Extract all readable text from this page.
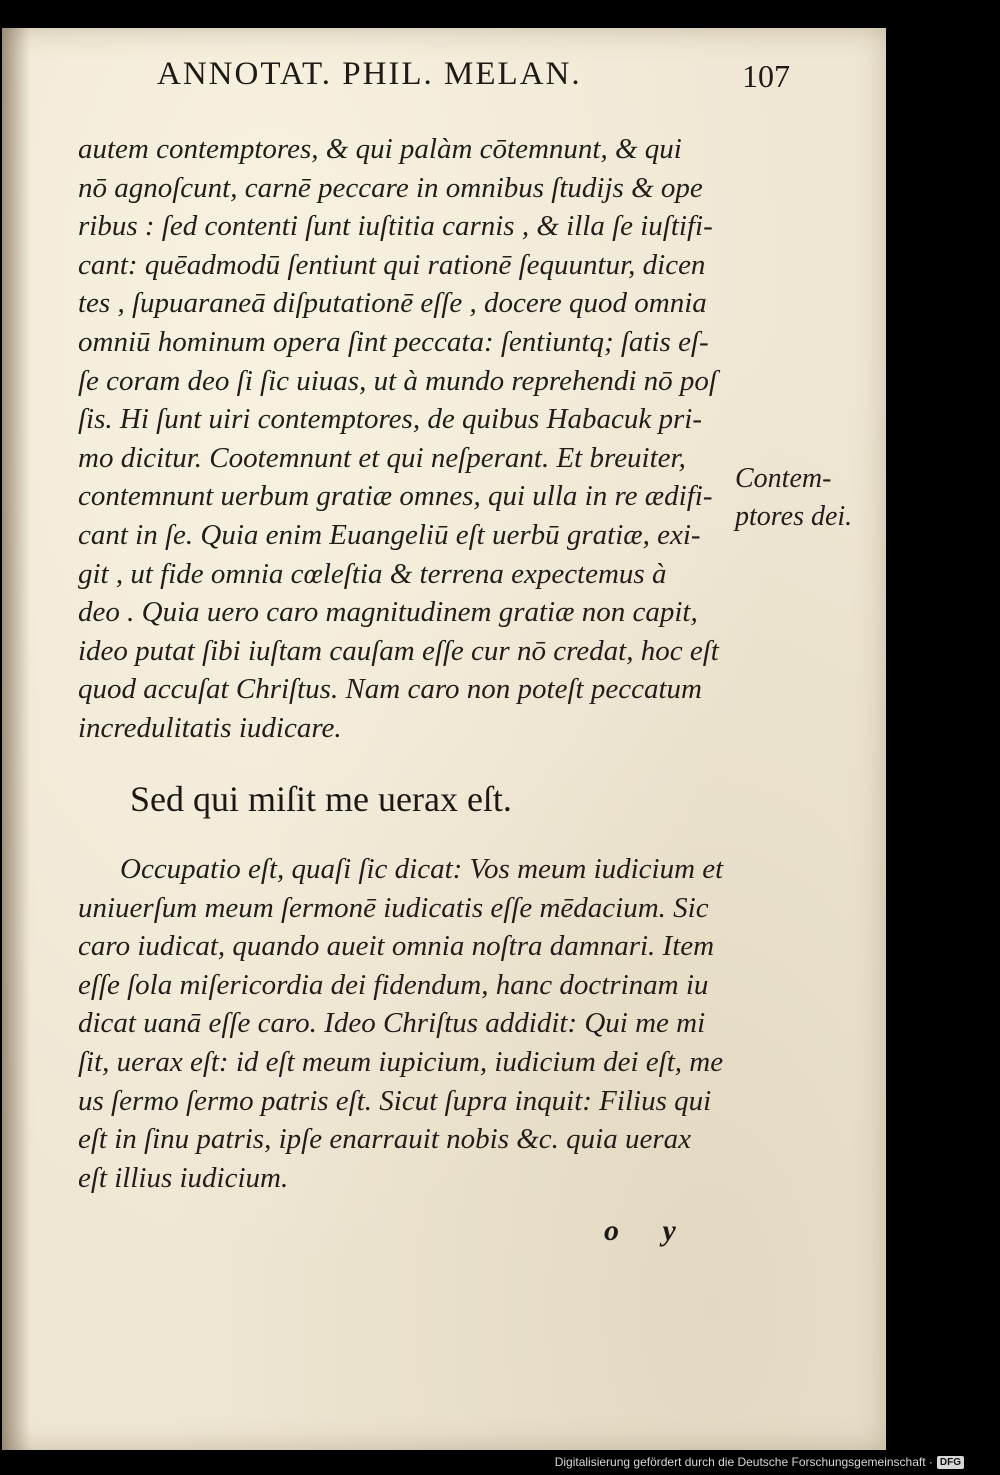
ANNOTAT. PHIL. MELAN.	107
autem contemptores, & qui palàm cōtemnunt, & qui
nō agnoſcunt, carnē peccare in omnibus ſtudijs & ope
ribus : ſed contenti ſunt iuſtitia carnis , & illa ſe iuſtifi-
cant: quēadmodū ſentiunt qui rationē ſequuntur, dicen
tes , ſupuaraneā diſputationē eſſe , docere quod omnia
omniū hominum opera ſint peccata: ſentiuntq; ſatis eſ-
ſe coram deo ſi ſic uiuas, ut à mundo reprehendi nō poſ
ſis. Hi ſunt uiri contemptores, de quibus Habacuk pri-
mo dicitur. Cootemnunt et qui neſperant. Et breuiter,
contemnunt uerbum gratiæ omnes, qui ulla in re ædifi-
cant in ſe. Quia enim Euangeliū eſt uerbū gratiæ, exi-
git , ut fide omnia cœleſtia & terrena expectemus à
deo . Quia uero caro magnitudinem gratiæ non capit,
ideo putat ſibi iuſtam cauſam eſſe cur nō credat, hoc eſt
quod accuſat Chriſtus. Nam caro non poteſt peccatum
incredulitatis iudicare.
Contem-
ptores dei.
Sed qui miſit me uerax eſt.
Occupatio eſt, quaſi ſic dicat: Vos meum iudicium et
uniuerſum meum ſermonē iudicatis eſſe mēdacium. Sic
caro iudicat, quando aueit omnia noſtra damnari. Item
eſſe ſola miſericordia dei fidendum, hanc doctrinam iu
dicat uanā eſſe caro. Ideo Chriſtus addidit: Qui me mi
ſit, uerax eſt: id eſt meum iupicium, iudicium dei eſt, me
us ſermo ſermo patris eſt. Sicut ſupra inquit: Filius qui
eſt in ſinu patris, ipſe enarrauit nobis &c. quia uerax
eſt illius iudicium.
o y
Digitalisierung gefördert durch die Deutsche Forschungsgemeinschaft · DFG
